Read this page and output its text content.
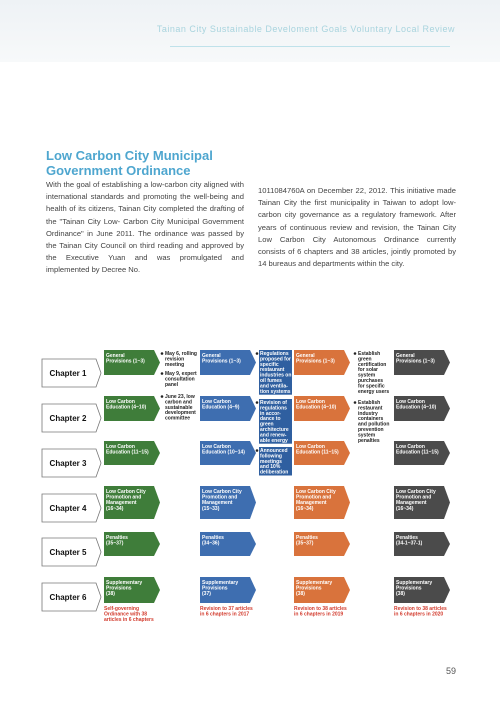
Tainan City Sustainable Develoment Goals Voluntary Local Review
Low Carbon City Municipal Government Ordinance
With the goal of establishing a low-carbon city aligned with international standards and promoting the well-being and health of its citizens, Tainan City completed the drafting of the "Tainan City Low- Carbon City Municipal Government Ordinance" in June 2011. The ordinance was passed by the Tainan City Council on third reading and approved by the Executive Yuan and was promulgated and implemented by Decree No.
1011084760A on December 22, 2012. This initiative made Tainan City the first municipality in Taiwan to adopt low-carbon city governance as a regulatory framework. After years of continuous review and revision, the Tainan City Low Carbon City Autonomous Ordinance currently consists of 6 chapters and 38 articles, jointly promoted by 14 bureaus and departments within the city.
Chapter 1
Chapter 2
Chapter 3
Chapter 4
Chapter 5
Chapter 6
General Provisions (1~3)
Low Carbon Education (4~10)
Low Carbon Education (11~15)
Low Carbon City Promotion and Management (16~34)
Penalties (35~37)
Supplementary Provisions (38)
Self-governing Ordinance with 38 articles in 6 chapters
General Provisions (1~3)
Low Carbon Education (4~9)
Low Carbon Education (10~14)
Low Carbon City Promotion and Management (15~33)
Penalties (34~36)
Supplementary Provisions (37)
Revision to 37 articles in 6 chapters in 2017
General Provisions (1~3)
Low Carbon Education (4~10)
Low Carbon Education (11~15)
Low Carbon City Promotion and Management (16~34)
Penalties (35~37)
Supplementary Provisions (38)
Revision to 38 articles in 6 chapters in 2019
General Provisions (1~3)
Low Carbon Education (4~10)
Low Carbon Education (11~15)
Low Carbon City Promotion and Management (16~34)
Penalties (34-1~37-1)
Supplementary Provisions (38)
Revision to 38 articles in 6 chapters in 2020
May 6, rolling revision meeting
May 9, expert consultation panel
June 23, low carbon and sustainable development committee
Regulations proposed for specific restaurant industries on oil fumes and ventila-tion systems
Revision of regulations in accor-dance to green architecture and renew-able energy
Announced following meetings and 10% deliberation
Establish green certification for solar system purchases for specific energy users
Establish restaurant industry containers and pollution prevention system penalties
59
